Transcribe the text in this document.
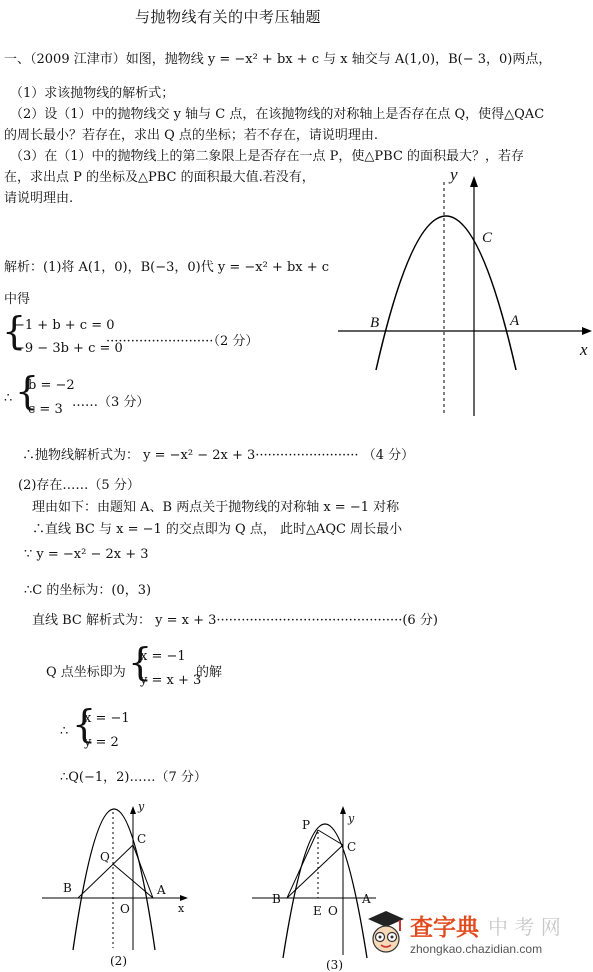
与抛物线有关的中考压轴题
一、（2009 江津市）如图，抛物线 y = −x² + bx + c 与 x 轴交与 A(1,0)，B(− 3，0)两点，
（1）求该抛物线的解析式；
（2）设（1）中的抛物线交 y 轴与 C 点，在该抛物线的对称轴上是否存在点 Q，使得△QAC
的周长最小？若存在，求出 Q 点的坐标；若不存在，请说明理由.
（3）在（1）中的抛物线上的第二象限上是否存在一点 P，使△PBC 的面积最大？，若存
在，求出点 P 的坐标及△PBC 的面积最大值.若没有，
请说明理由.
y
x
C
B	A
解析：(1)将 A(1，0)，B(−3，0)代 y = −x² + bx + c
中得
{
−1 + b + c = 0
−9 − 3b + c = 0
··························（2 分）
∴ {
b = −2
c = 3 ……（3 分）
∴抛物线解析式为： y = −x² − 2x + 3························· （4 分）
(2)存在……（5 分）
理由如下：由题知 A、B 两点关于抛物线的对称轴 x = −1 对称
∴直线 BC 与 x = −1 的交点即为 Q 点， 此时△AQC 周长最小
∵ y = −x² − 2x + 3
∴C 的坐标为：(0，3)
直线 BC 解析式为： y = x + 3·············································(6 分)
Q 点坐标即为 {
x = −1
y = x + 3
的解
∴ {
x = −1
y = 2
∴Q(−1，2)……（7 分）
y
x
C
Q
B	A
O
(2)
y
P
C
B	A
E O
(3)
查字典 中 考 网
zhongkao.chazidian.com
